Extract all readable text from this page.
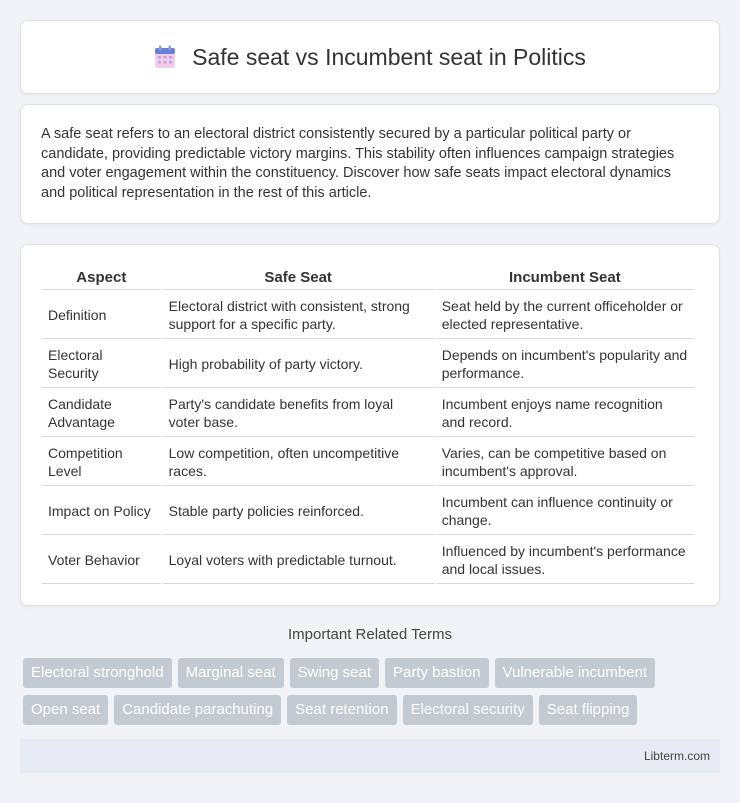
Safe seat vs Incumbent seat in Politics

A safe seat refers to an electoral district consistently secured by a particular political party or candidate, providing predictable victory margins. This stability often influences campaign strategies and voter engagement within the constituency. Discover how safe seats impact electoral dynamics and political representation in the rest of this article.

Aspect	Safe Seat	Incumbent Seat
Definition	Electoral district with consistent, strong support for a specific party.	Seat held by the current officeholder or elected representative.
Electoral Security	High probability of party victory.	Depends on incumbent's popularity and performance.
Candidate Advantage	Party's candidate benefits from loyal voter base.	Incumbent enjoys name recognition and record.
Competition Level	Low competition, often uncompetitive races.	Varies, can be competitive based on incumbent's approval.
Impact on Policy	Stable party policies reinforced.	Incumbent can influence continuity or change.
Voter Behavior	Loyal voters with predictable turnout.	Influenced by incumbent's performance and local issues.
Important Related Terms
Electoral stronghold	Marginal seat	Swing seat	Party bastion	Vulnerable incumbent
Open seat	Candidate parachuting	Seat retention	Electoral security	Seat flipping
Libterm.com
